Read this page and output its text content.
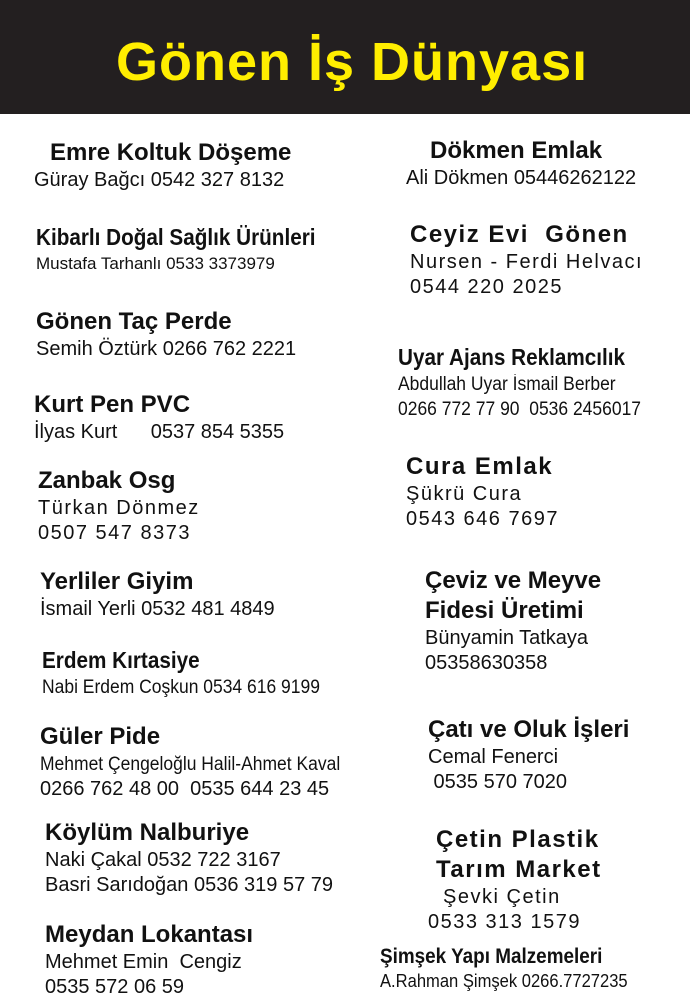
Gönen İş Dünyası
Emre Koltuk Döşeme
Güray Bağcı 0542 327 8132
Kibarlı Doğal Sağlık Ürünleri
Mustafa Tarhanlı 0533 3373979
Gönen Taç Perde
Semih Öztürk 0266 762 2221
Kurt Pen PVC
İlyas Kurt      0537 854 5355
Zanbak Osg
Türkan Dönmez
0507 547 8373
Yerliler Giyim
İsmail Yerli 0532 481 4849
Erdem Kırtasiye
Nabi Erdem Coşkun 0534 616 9199
Güler Pide
Mehmet Çengeloğlu Halil-Ahmet Kaval
0266 762 48 00  0535 644 23 45
Köylüm Nalburiye
Naki Çakal 0532 722 3167
Basri Sarıdoğan 0536 319 57 79
Meydan Lokantası
Mehmet Emin  Cengiz
0535 572 06 59
Dökmen Emlak
Ali Dökmen 05446262122
Ceyiz Evi  Gönen
Nursen - Ferdi Helvacı
0544 220 2025
Uyar Ajans Reklamcılık
Abdullah Uyar İsmail Berber
0266 772 77 90  0536 2456017
Cura Emlak
Şükrü Cura
0543 646 7697
Çeviz ve Meyve
Fidesi Üretimi
Bünyamin Tatkaya
05358630358
Çatı ve Oluk İşleri
Cemal Fenerci
0535 570 7020
Çetin Plastik
Tarım Market
Şevki Çetin
0533 313 1579
Şimşek Yapı Malzemeleri
A.Rahman Şimşek 0266.7727235
